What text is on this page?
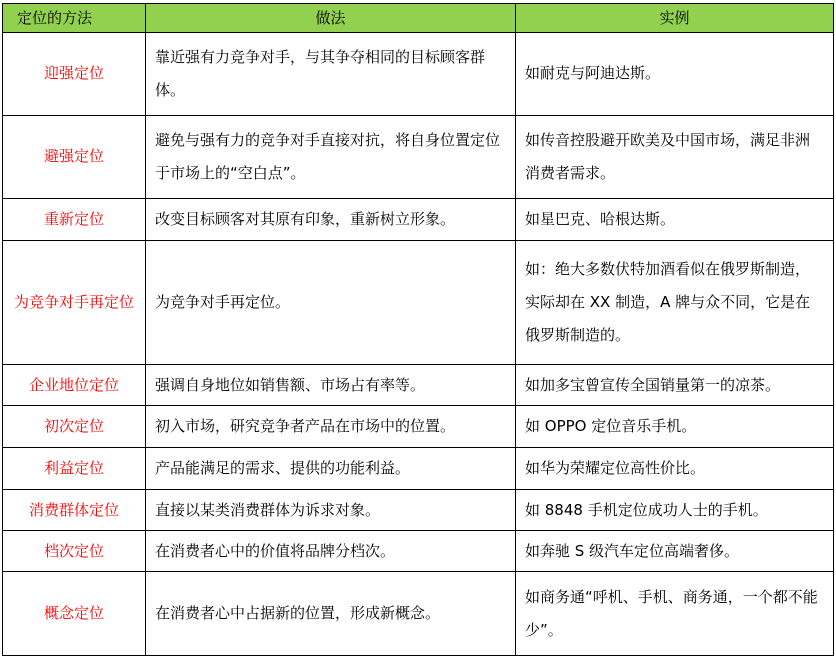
定位的方法	做法	实例
迎强定位	靠近强有力竞争对手，与其争夺相同的目标顾客群体。	如耐克与阿迪达斯。
避强定位	避免与强有力的竞争对手直接对抗，将自身位置定位于市场上的“空白点”。	如传音控股避开欧美及中国市场，满足非洲消费者需求。
重新定位	改变目标顾客对其原有印象，重新树立形象。	如星巴克、哈根达斯。
为竞争对手再定位	为竞争对手再定位。	如：绝大多数伏特加酒看似在俄罗斯制造，实际却在 XX 制造，A 牌与众不同，它是在俄罗斯制造的。
企业地位定位	强调自身地位如销售额、市场占有率等。	如加多宝曾宣传全国销量第一的凉茶。
初次定位	初入市场，研究竞争者产品在市场中的位置。	如 OPPO 定位音乐手机。
利益定位	产品能满足的需求、提供的功能利益。	如华为荣耀定位高性价比。
消费群体定位	直接以某类消费群体为诉求对象。	如 8848 手机定位成功人士的手机。
档次定位	在消费者心中的价值将品牌分档次。	如奔驰 S 级汽车定位高端奢侈。
概念定位	在消费者心中占据新的位置，形成新概念。	如商务通“呼机、手机、商务通，一个都不能少”。
